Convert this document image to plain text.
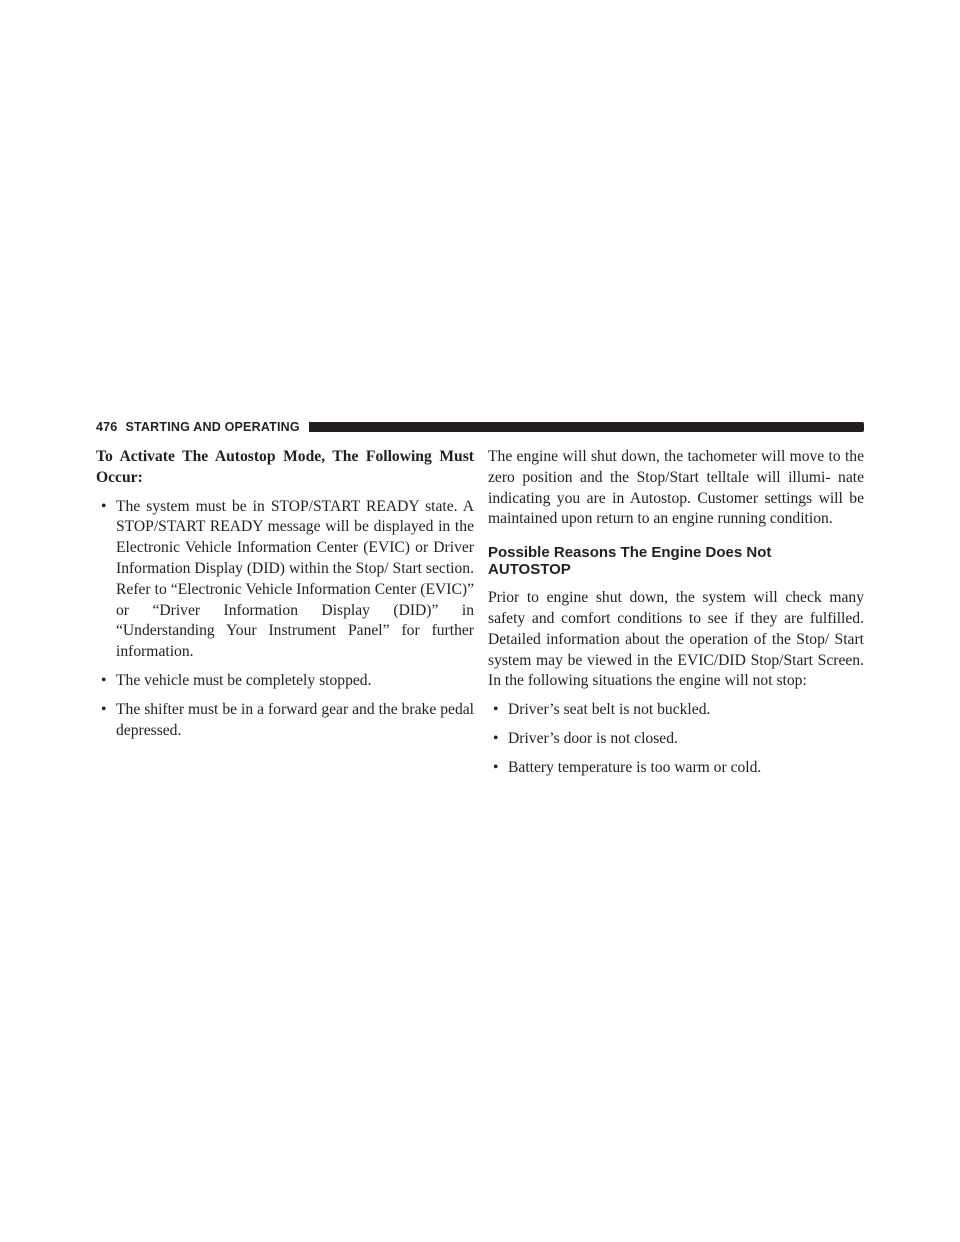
476 STARTING AND OPERATING

To Activate The Autostop Mode, The Following Must Occur:

• The system must be in STOP/START READY state. A STOP/START READY message will be displayed in the Electronic Vehicle Information Center (EVIC) or Driver Information Display (DID) within the Stop/ Start section. Refer to “Electronic Vehicle Information Center (EVIC)” or “Driver Information Display (DID)” in “Understanding Your Instrument Panel” for further information.
• The vehicle must be completely stopped.
• The shifter must be in a forward gear and the brake pedal depressed.

The engine will shut down, the tachometer will move to the zero position and the Stop/Start telltale will illumi- nate indicating you are in Autostop. Customer settings will be maintained upon return to an engine running condition.

Possible Reasons The Engine Does Not
AUTOSTOP

Prior to engine shut down, the system will check many safety and comfort conditions to see if they are fulfilled. Detailed information about the operation of the Stop/ Start system may be viewed in the EVIC/DID Stop/Start Screen. In the following situations the engine will not stop:

• Driver’s seat belt is not buckled.
• Driver’s door is not closed.
• Battery temperature is too warm or cold.
